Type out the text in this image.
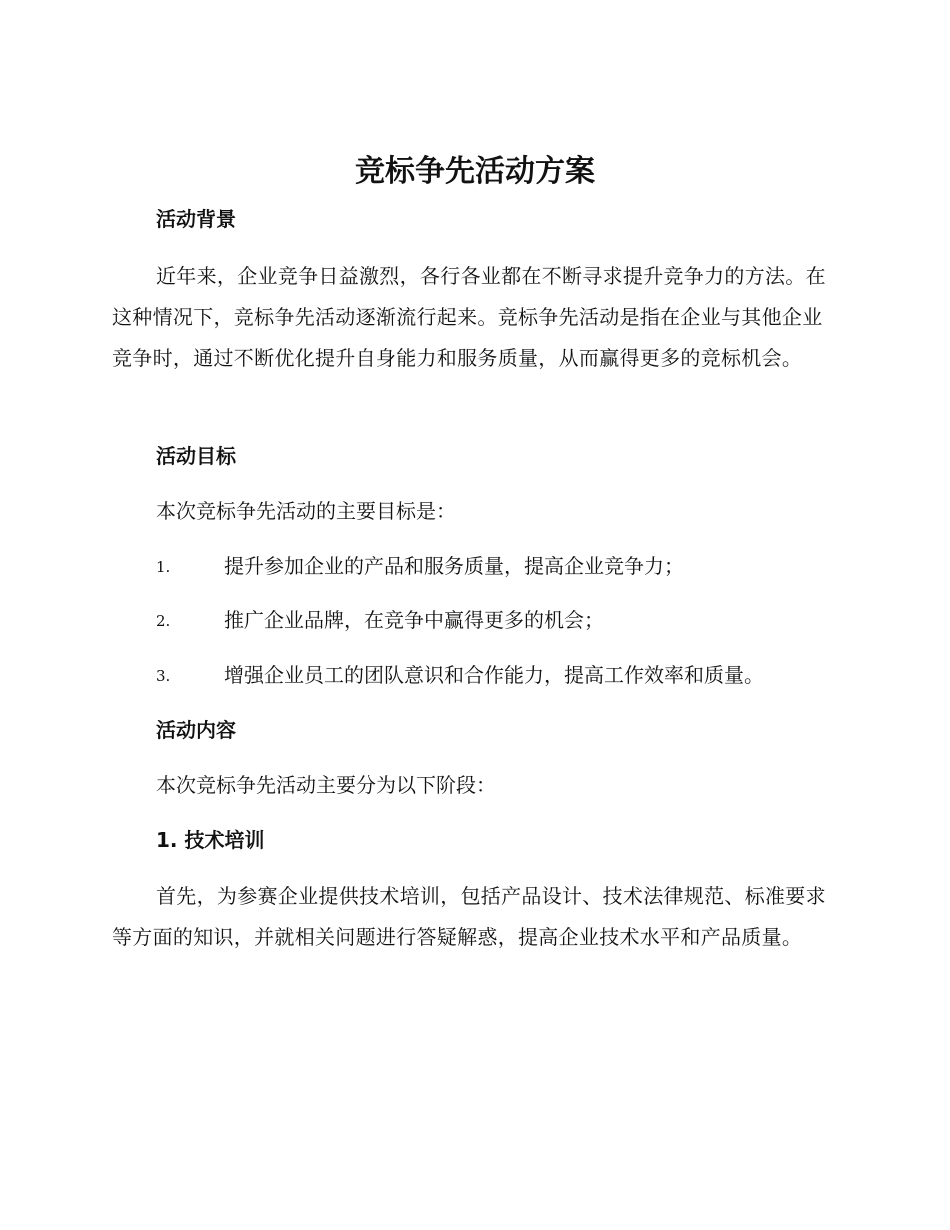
竞标争先活动方案
活动背景

近年来，企业竞争日益激烈，各行各业都在不断寻求提升竞争力的方法。在这种情况下，竞标争先活动逐渐流行起来。竞标争先活动是指在企业与其他企业竞争时，通过不断优化提升自身能力和服务质量，从而赢得更多的竞标机会。

活动目标

本次竞标争先活动的主要目标是：

1.	提升参加企业的产品和服务质量，提高企业竞争力；
2.	推广企业品牌，在竞争中赢得更多的机会；
3.	增强企业员工的团队意识和合作能力，提高工作效率和质量。
活动内容

本次竞标争先活动主要分为以下阶段：

1. 技术培训

首先，为参赛企业提供技术培训，包括产品设计、技术法律规范、标准要求等方面的知识，并就相关问题进行答疑解惑，提高企业技术水平和产品质量。
